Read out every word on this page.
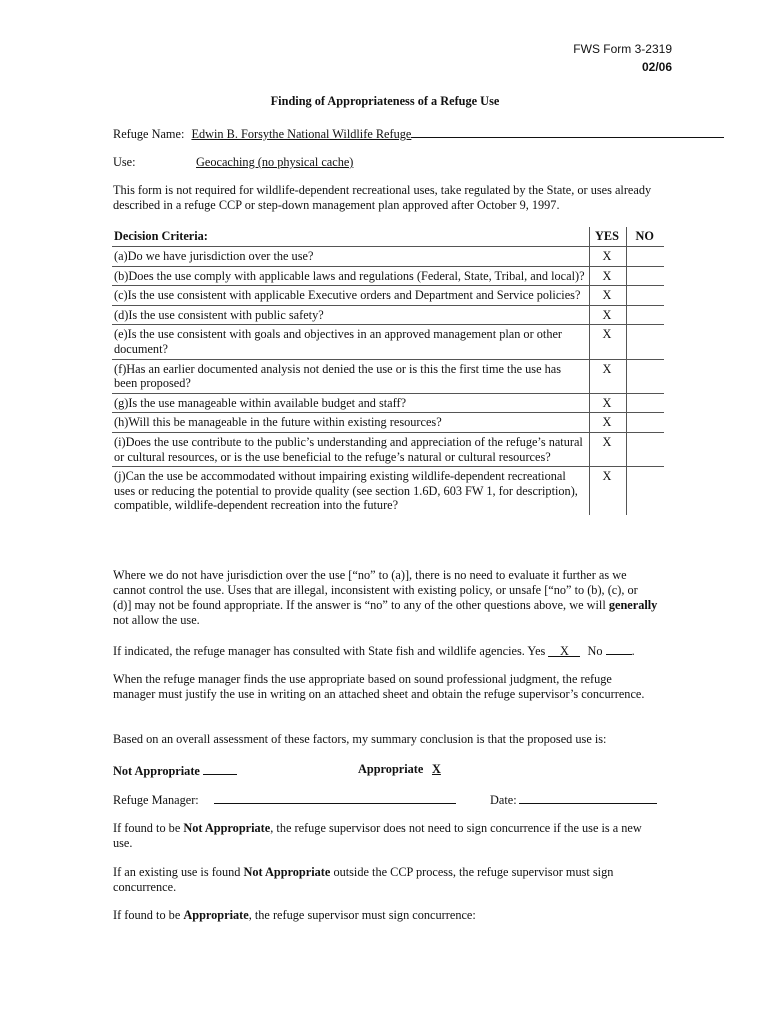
FWS Form 3-2319
02/06
Finding of Appropriateness of a Refuge Use
Refuge Name: Edwin B. Forsythe National Wildlife Refuge
Use:	Geocaching (no physical cache)

This form is not required for wildlife-dependent recreational uses, take regulated by the State, or uses already described in a refuge CCP or step-down management plan approved after October 9, 1997.

Decision Criteria:	YES	NO
(a)Do we have jurisdiction over the use?	X	
(b)Does the use comply with applicable laws and regulations (Federal, State, Tribal, and local)?	X	
(c)Is the use consistent with applicable Executive orders and Department and Service policies?	X	
(d)Is the use consistent with public safety?	X	
(e)Is the use consistent with goals and objectives in an approved management plan or other document?	X	
(f)Has an earlier documented analysis not denied the use or is this the first time the use has been proposed?	X	
(g)Is the use manageable within available budget and staff?	X	
(h)Will this be manageable in the future within existing resources?	X	
(i)Does the use contribute to the public’s understanding and appreciation of the refuge’s natural or cultural resources, or is the use beneficial to the refuge’s natural or cultural resources?	X	
(j)Can the use be accommodated without impairing existing wildlife-dependent recreational uses or reducing the potential to provide quality (see section 1.6D, 603 FW 1, for description), compatible, wildlife-dependent recreation into the future?	X	

Where we do not have jurisdiction over the use [“no” to (a)], there is no need to evaluate it further as we cannot control the use. Uses that are illegal, inconsistent with existing policy, or unsafe [“no” to (b), (c), or (d)] may not be found appropriate. If the answer is “no” to any of the other questions above, we will generally not allow the use.

If indicated, the refuge manager has consulted with State fish and wildlife agencies. Yes X No .

When the refuge manager finds the use appropriate based on sound professional judgment, the refuge manager must justify the use in writing on an attached sheet and obtain the refuge supervisor’s concurrence.

Based on an overall assessment of these factors, my summary conclusion is that the proposed use is:

Not Appropriate	Appropriate X
Refuge Manager:	Date:

If found to be Not Appropriate, the refuge supervisor does not need to sign concurrence if the use is a new use.

If an existing use is found Not Appropriate outside the CCP process, the refuge supervisor must sign concurrence.

If found to be Appropriate, the refuge supervisor must sign concurrence:
